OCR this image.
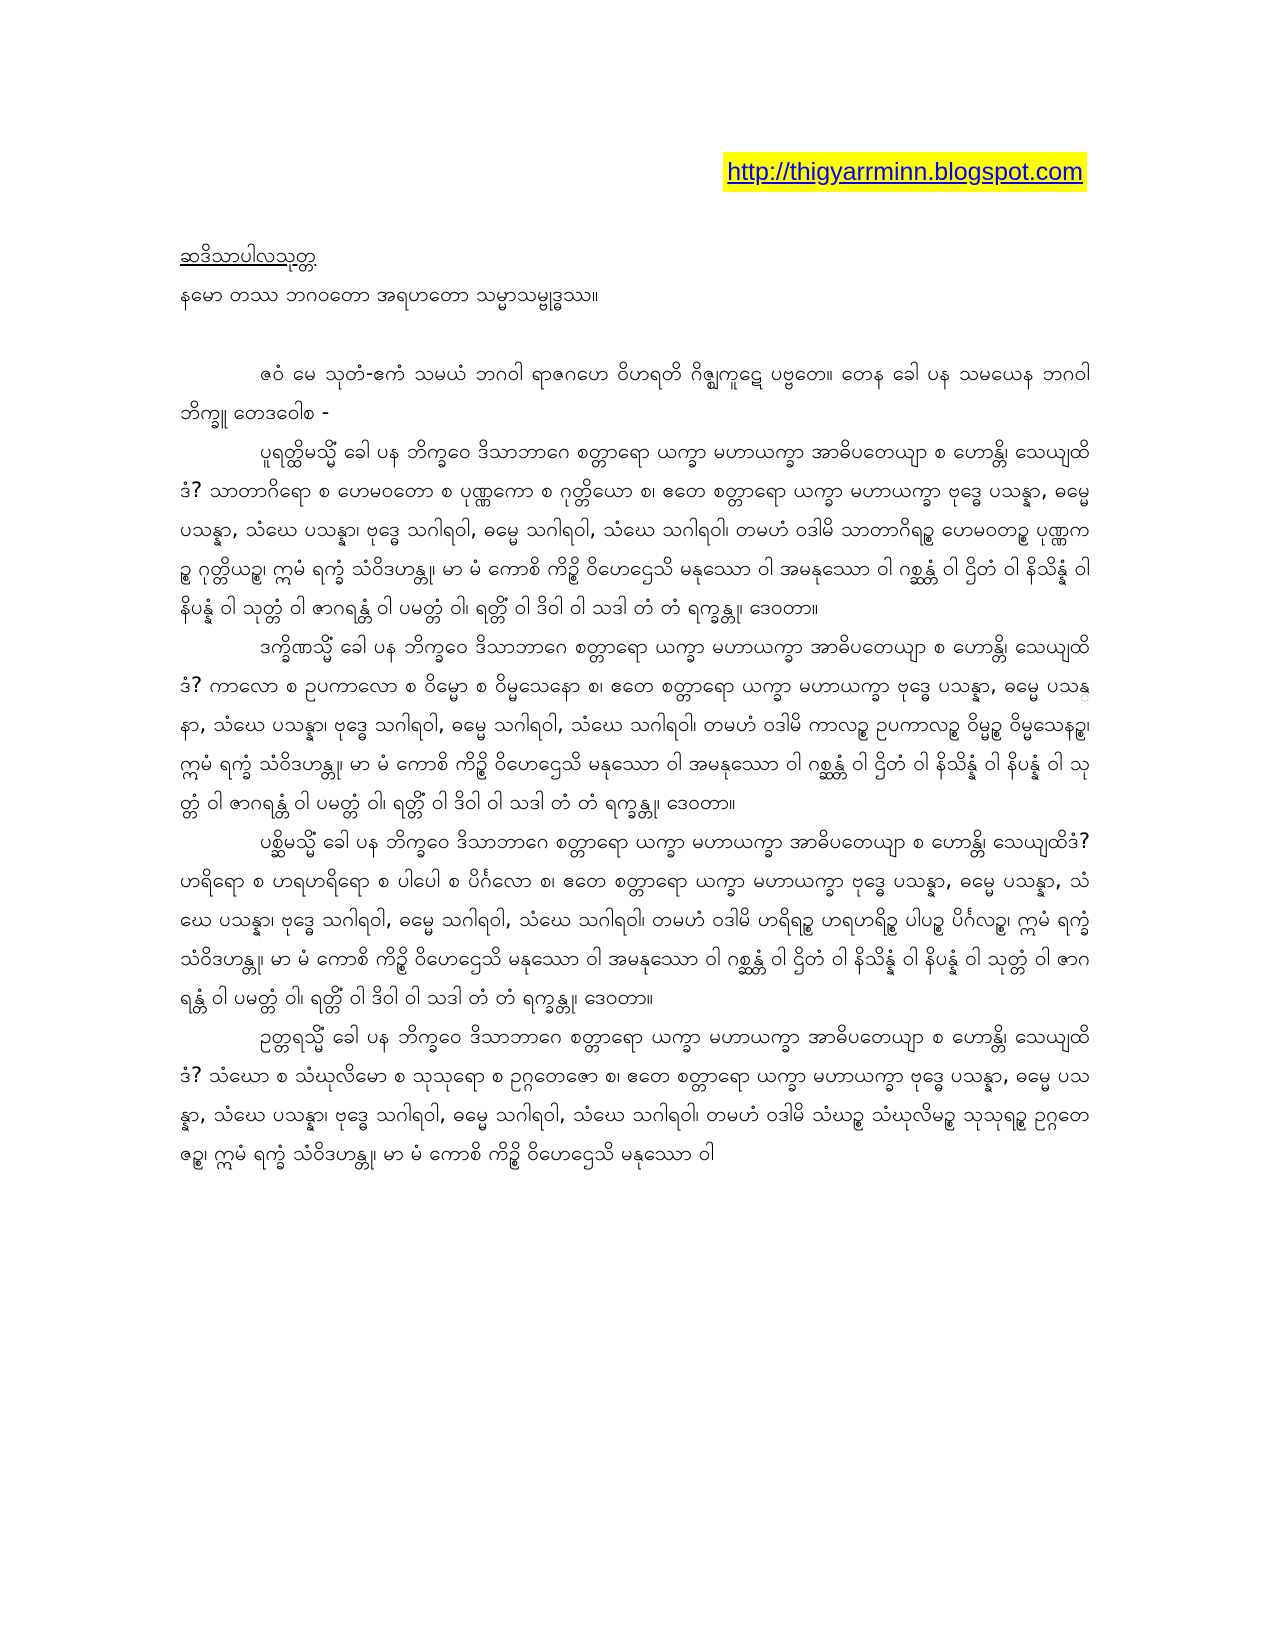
http://thigyarrminn.blogspot.com

ဆဒိသာပါလသုတ္တ

နမော တဿ ဘဂဝတော အရဟတော သမ္မာသမ္ဗုဒ္ဓဿ။

ဇဝံ မေ သုတံ-ဧကံ သမယံ ဘဂဝါ ရာဇဂဟေ ဝိဟရတိ ဂိဇ္ဈကူဋေ ပဗ္ဗတေ။ တေန ခေါ ပန သမယေန ဘဂဝါ ဘိက္ခူ တေဒဝေါစ -

ပူရတ္ထိမသ္မိံ ခေါ ပန ဘိက္ခဝေ ဒိသာဘာဂေ စတ္တာရော ယက္ခာ မဟာယက္ခာ အာဓိပတေယျာ စ ဟောန္တိ၊ သေယျထိဒံ? သာတာဂိရော စ ဟေမဝတော စ ပုဏ္ဏကော စ ဂုတ္တိယော စ၊ ဧတေ စတ္တာရော ယက္ခာ မဟာယက္ခာ ဗုဒ္ဓေ ပသန္နာ, ဓမ္မေ ပသန္နာ, သံဃေ ပသန္နာ၊ ဗုဒ္ဓေ သဂါရဝါ, ဓမ္မေ သဂါရဝါ, သံဃေ သဂါရဝါ၊ တမဟံ ဝဒါမိ သာတာဂိရဥ္စ ဟေမဝတဉ္စ ပုဏ္ဏကဉ္စ ဂုတ္တိယဉ္စ၊ ဣမံ ရက္ခံ သံဝိဒဟန္တု၊ မာ မံ ကောစိ ကိဉ္စိ ဝိဟေဌေသိ မနုဿော ဝါ အမနုဿော ဝါ ဂစ္ဆန္တံ ဝါ ဌိတံ ဝါ နိသိန္နံ ဝါ နိပန္နံ ဝါ သုတ္တံ ဝါ ဇာဂရန္တံ ဝါ ပမတ္တံ ဝါ၊ ရတ္တိံ ဝါ ဒိဝါ ဝါ သဒါ တံ တံ ရက္ခန္တု၊ ဒေဝတာ။

ဒက္ခိဏသ္မိံ ခေါ ပန ဘိက္ခဝေ ဒိသာဘာဂေ စတ္တာရော ယက္ခာ မဟာယက္ခာ အာဓိပတေယျာ စ ဟောန္တိ၊ သေယျထိဒံ? ကာလော စ ဥပကာလော စ ဝိမ္မော စ ဝိမ္မသေနော စ၊ ဧတေ စတ္တာရော ယက္ခာ မဟာယက္ခာ ဗုဒ္ဓေ ပသန္နာ, ဓမ္မေ ပသန္နာ, သံဃေ ပသန္နာ၊ ဗုဒ္ဓေ သဂါရဝါ, ဓမ္မေ သဂါရဝါ, သံဃေ သဂါရဝါ၊ တမဟံ ဝဒါမိ ကာလဉ္စ ဥပကာလဉ္စ ဝိမ္မဉ္စ ဝိမ္မသေနဉ္စ၊ ဣမံ ရက္ခံ သံဝိဒဟန္တု၊ မာ မံ ကောစိ ကိဉ္စိ ဝိဟေဌေသိ မနုဿော ဝါ အမနုဿော ဝါ ဂစ္ဆန္တံ ဝါ ဌိတံ ဝါ နိသိန္နံ ဝါ နိပန္နံ ဝါ သုတ္တံ ဝါ ဇာဂရန္တံ ဝါ ပမတ္တံ ဝါ၊ ရတ္တိံ ဝါ ဒိဝါ ဝါ သဒါ တံ တံ ရက္ခန္တု၊ ဒေဝတာ။

ပစ္ဆိမသ္မိံ ခေါ ပန ဘိက္ခဝေ ဒိသာဘာဂေ စတ္တာရော ယက္ခာ မဟာယက္ခာ အာဓိပတေယျာ စ ဟောန္တိ၊ သေယျထိဒံ? ဟရိရော စ ဟရဟရိရော စ ပါပေါ စ ပိင်္ဂလော စ၊ ဧတေ စတ္တာရော ယက္ခာ မဟာယက္ခာ ဗုဒ္ဓေ ပသန္နာ, ဓမ္မေ ပသန္နာ, သံဃေ ပသန္နာ၊ ဗုဒ္ဓေ သဂါရဝါ, ဓမ္မေ သဂါရဝါ, သံဃေ သဂါရဝါ၊ တမဟံ ဝဒါမိ ဟရိရဉ္စ ဟရဟရိဉ္စ ပါပဉ္စ ပိင်္ဂလဉ္စ၊ ဣမံ ရက္ခံ သံဝိဒဟန္တု၊ မာ မံ ကောစိ ကိဉ္စိ ဝိဟေဌေသိ မနုဿော ဝါ အမနုဿော ဝါ ဂစ္ဆန္တံ ဝါ ဌိတံ ဝါ နိသိန္နံ ဝါ နိပန္နံ ဝါ သုတ္တံ ဝါ ဇာဂရန္တံ ဝါ ပမတ္တံ ဝါ၊ ရတ္တိံ ဝါ ဒိဝါ ဝါ သဒါ တံ တံ ရက္ခန္တု၊ ဒေဝတာ။

ဥတ္တရသ္မိံ ခေါ ပန ဘိက္ခဝေ ဒိသာဘာဂေ စတ္တာရော ယက္ခာ မဟာယက္ခာ အာဓိပတေယျာ စ ဟောန္တိ၊ သေယျထိဒံ? သံဃော စ သံဃုလိမော စ သုသုရော စ ဥဂ္ဂတေဇော စ၊ ဧတေ စတ္တာရော ယက္ခာ မဟာယက္ခာ ဗုဒ္ဓေ ပသန္နာ, ဓမ္မေ ပသန္နာ, သံဃေ ပသန္နာ၊ ဗုဒ္ဓေ သဂါရဝါ, ဓမ္မေ သဂါရဝါ, သံဃေ သဂါရဝါ၊ တမဟံ ဝဒါမိ သံဃဉ္စ သံဃုလိမဉ္စ သုသုရဉ္စ ဥဂ္ဂတေဇဉ္စ၊ ဣမံ ရက္ခံ သံဝိဒဟန္တု၊ မာ မံ ကောစိ ကိဉ္စိ ဝိဟေဌေသိ မနုဿော ဝါ
